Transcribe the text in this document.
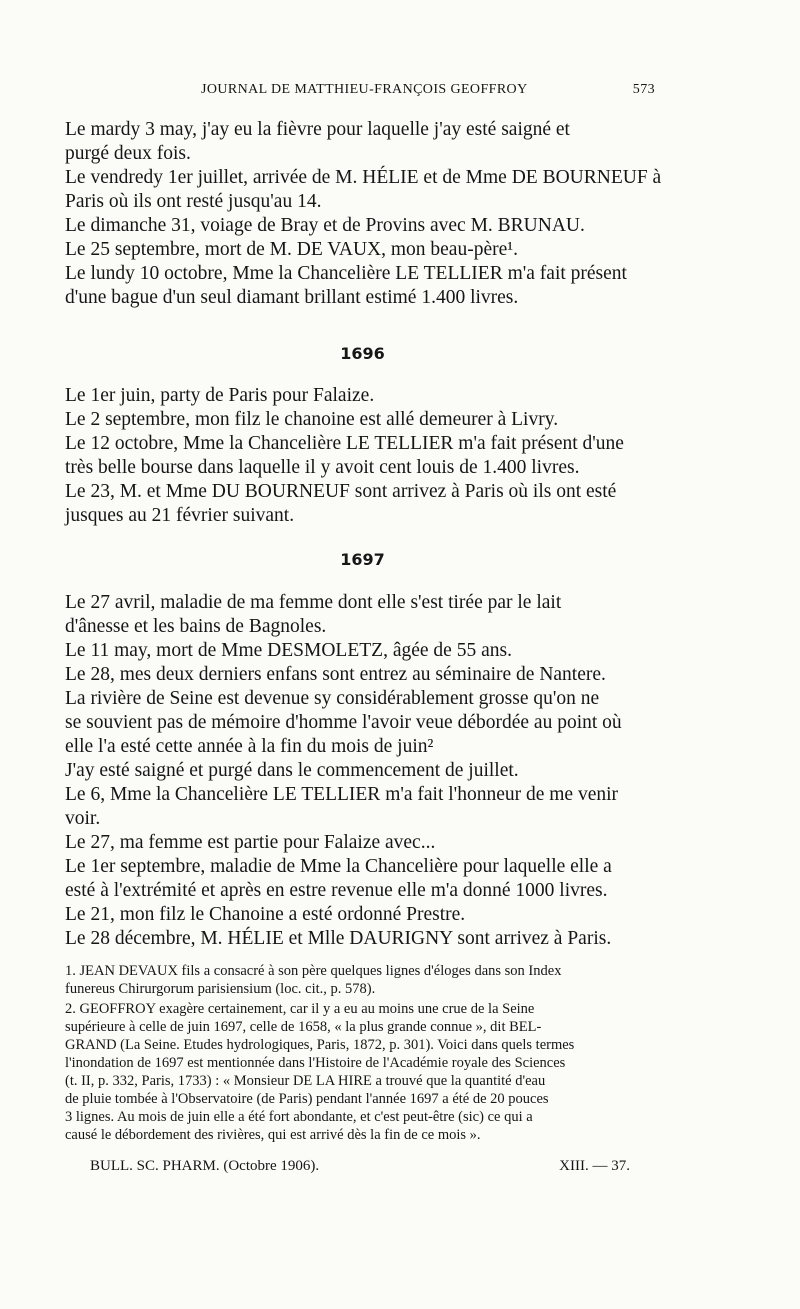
JOURNAL DE MATTHIEU-FRANÇOIS GEOFFROY	573
Le mardy 3 may, j'ay eu la fièvre pour laquelle j'ay esté saigné et
purgé deux fois.
Le vendredy 1er juillet, arrivée de M. HÉLIE et de Mme DE BOURNEUF à
Paris où ils ont resté jusqu'au 14.
Le dimanche 31, voiage de Bray et de Provins avec M. BRUNAU.
Le 25 septembre, mort de M. DE VAUX, mon beau-père¹.
Le lundy 10 octobre, Mme la Chancelière LE TELLIER m'a fait présent
d'une bague d'un seul diamant brillant estimé 1.400 livres.
1696
Le 1er juin, party de Paris pour Falaize.
Le 2 septembre, mon filz le chanoine est allé demeurer à Livry.
Le 12 octobre, Mme la Chancelière LE TELLIER m'a fait présent d'une
très belle bourse dans laquelle il y avoit cent louis de 1.400 livres.
Le 23, M. et Mme DU BOURNEUF sont arrivez à Paris où ils ont esté
jusques au 21 février suivant.
1697
Le 27 avril, maladie de ma femme dont elle s'est tirée par le lait
d'ânesse et les bains de Bagnoles.
Le 11 may, mort de Mme DESMOLETZ, âgée de 55 ans.
Le 28, mes deux derniers enfans sont entrez au séminaire de Nantere.
La rivière de Seine est devenue sy considérablement grosse qu'on ne
se souvient pas de mémoire d'homme l'avoir veue débordée au point où
elle l'a esté cette année à la fin du mois de juin²
J'ay esté saigné et purgé dans le commencement de juillet.
Le 6, Mme la Chancelière LE TELLIER m'a fait l'honneur de me venir
voir.
Le 27, ma femme est partie pour Falaize avec...
Le 1er septembre, maladie de Mme la Chancelière pour laquelle elle a
esté à l'extrémité et après en estre revenue elle m'a donné 1000 livres.
Le 21, mon filz le Chanoine a esté ordonné Prestre.
Le 28 décembre, M. HÉLIE et Mlle DAURIGNY sont arrivez à Paris.
1. JEAN DEVAUX fils a consacré à son père quelques lignes d'éloges dans son Index
funereus Chirurgorum parisiensium (loc. cit., p. 578).
2. GEOFFROY exagère certainement, car il y a eu au moins une crue de la Seine
supérieure à celle de juin 1697, celle de 1658, « la plus grande connue », dit BEL-
GRAND (La Seine. Etudes hydrologiques, Paris, 1872, p. 301). Voici dans quels termes
l'inondation de 1697 est mentionnée dans l'Histoire de l'Académie royale des Sciences
(t. II, p. 332, Paris, 1733) : « Monsieur DE LA HIRE a trouvé que la quantité d'eau
de pluie tombée à l'Observatoire (de Paris) pendant l'année 1697 a été de 20 pouces
3 lignes. Au mois de juin elle a été fort abondante, et c'est peut-être (sic) ce qui a
causé le débordement des rivières, qui est arrivé dès la fin de ce mois ».
BULL. SC. PHARM. (Octobre 1906).	XIII. — 37.
